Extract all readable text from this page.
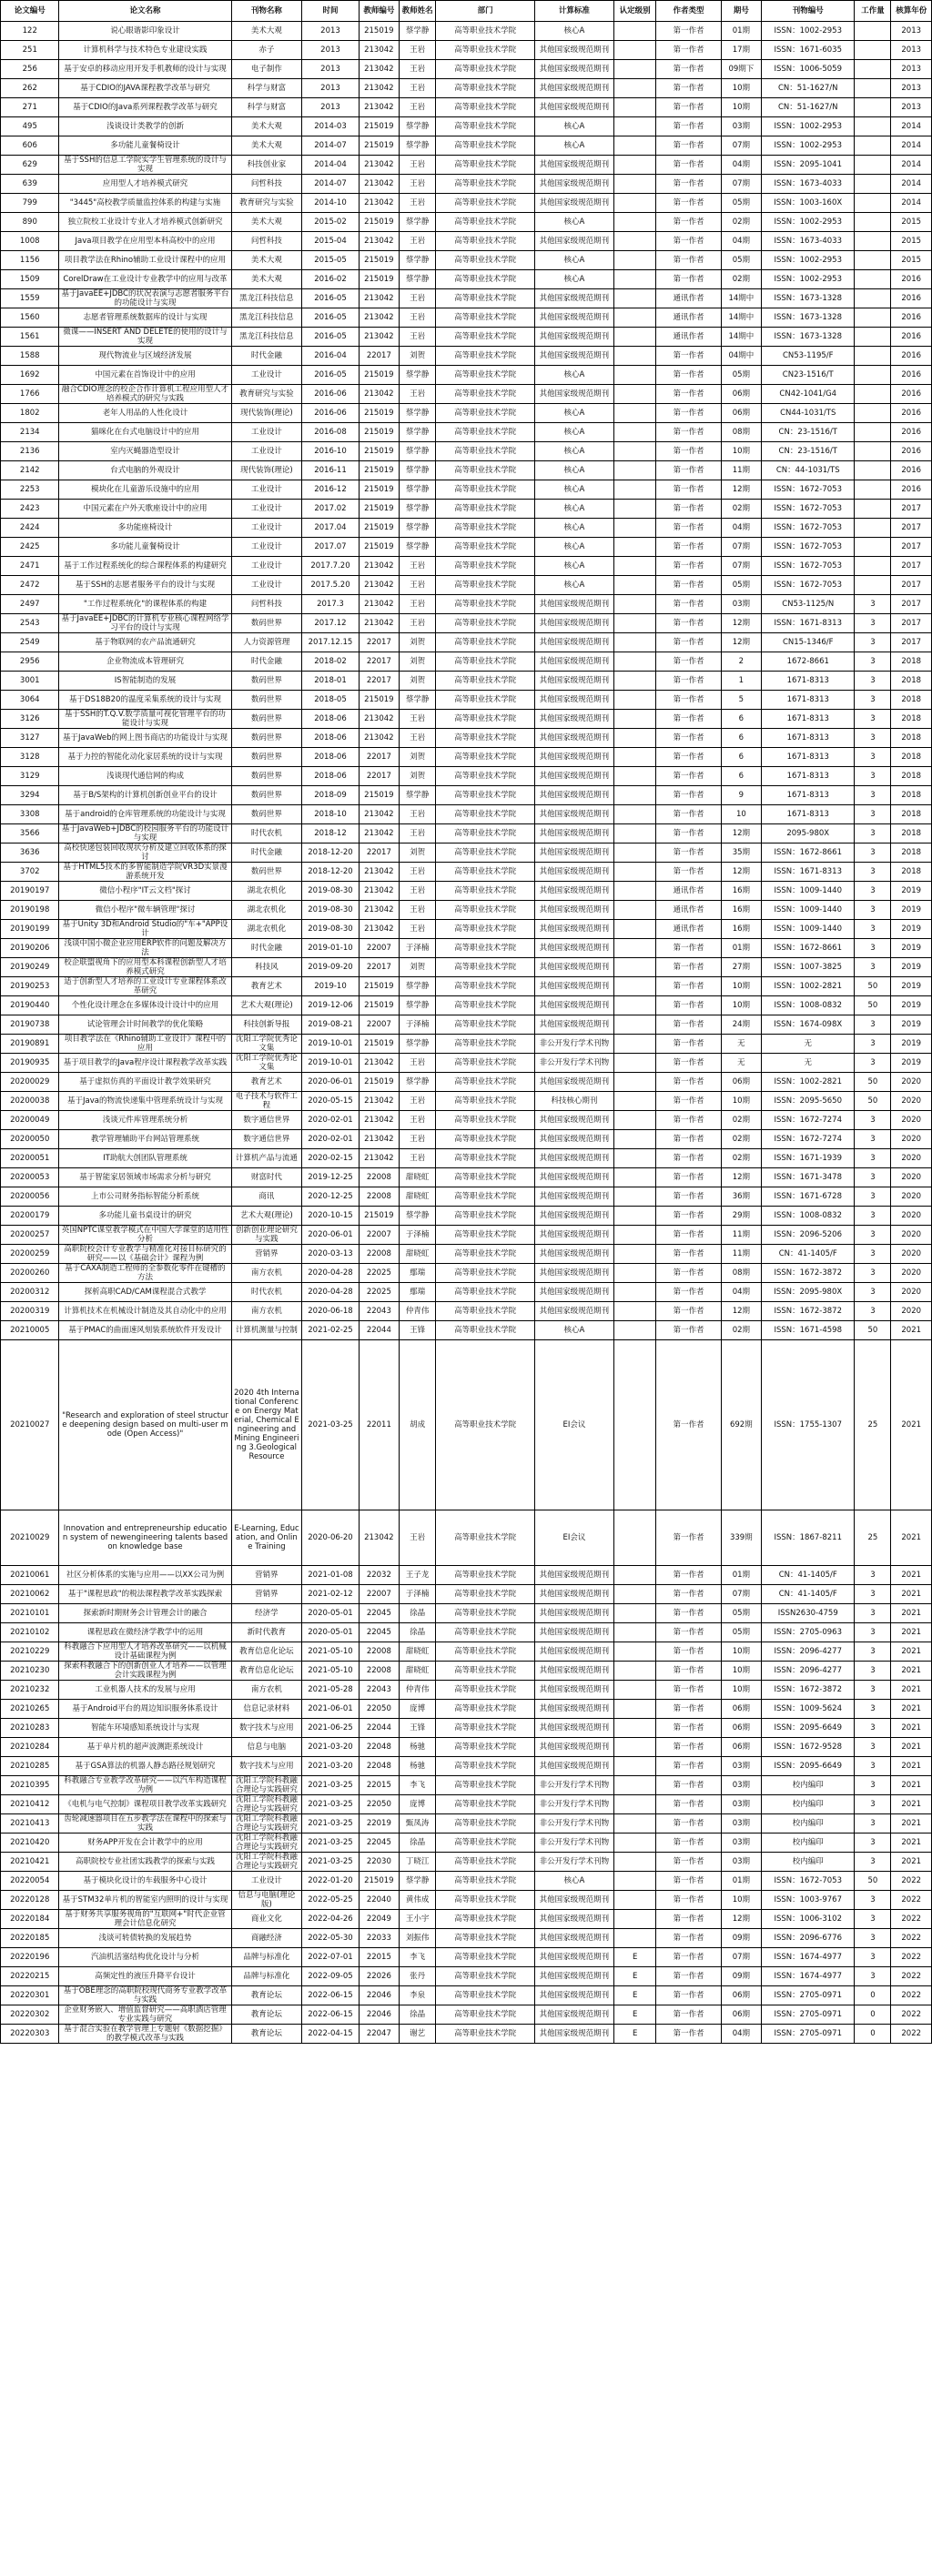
论文编号	论文名称	刊物名称	时间	教师编号	教师姓名	部门	计算标准	认定级别	作者类型	期号	刊物编号	工作量	核算年份
122	说心眼谐影印象设计	美术大观	2013	215019	蔡学静	高等职业技术学院	核心A		第一作者	01期	ISSN：1002-2953		2013
251	计算机科学与技术特色专业建设实践	赤子	2013	213042	王岩	高等职业技术学院	其他国家级规范期刊		第一作者	17期	ISSN：1671-6035		2013
256	基于安卓的移动应用开发手机教师的设计与实现	电子制作	2013	213042	王岩	高等职业技术学院	其他国家级规范期刊		第一作者	09期下	ISSN：1006-5059		2013
262	基于CDIO的JAVA课程教学改革与研究	科学与财富	2013	213042	王岩	高等职业技术学院	其他国家级规范期刊		第一作者	10期	CN：51-1627/N		2013
271	基于CDIO的Java系列课程教学改革与研究	科学与财富	2013	213042	王岩	高等职业技术学院	其他国家级规范期刊		第一作者	10期	CN：51-1627/N		2013
495	浅谈设计类教学的创新	美术大观	2014-03	215019	蔡学静	高等职业技术学院	核心A		第一作者	03期	ISSN：1002-2953		2014
606	多功能儿童餐椅设计	美术大观	2014-07	215019	蔡学静	高等职业技术学院	核心A		第一作者	07期	ISSN：1002-2953		2014
629	基于SSH的信息工学院实学生管理系统的设计与实现	科技创业家	2014-04	213042	王岩	高等职业技术学院	其他国家级规范期刊		第一作者	04期	ISSN：2095-1041		2014
639	应用型人才培养模式研究	问哲科技	2014-07	213042	王岩	高等职业技术学院	其他国家级规范期刊		第一作者	07期	ISSN：1673-4033		2014
799	"3445"高校教学质量监控体系的构建与实施	教育研究与实验	2014-10	213042	王岩	高等职业技术学院	其他国家级规范期刊		第一作者	05期	ISSN：1003-160X		2014
890	独立院校工业设计专业人才培养模式创新研究	美术大观	2015-02	215019	蔡学静	高等职业技术学院	核心A		第一作者	02期	ISSN：1002-2953		2015
1008	Java项目教学在应用型本科高校中的应用	问哲科技	2015-04	213042	王岩	高等职业技术学院	其他国家级规范期刊		第一作者	04期	ISSN：1673-4033		2015
1156	项目教学法在Rhino辅助工业设计课程中的应用	美术大观	2015-05	215019	蔡学静	高等职业技术学院	核心A		第一作者	05期	ISSN：1002-2953		2015
1509	CorelDraw在工业设计专业教学中的应用与改革	美术大观	2016-02	215019	蔡学静	高等职业技术学院	核心A		第一作者	02期	ISSN：1002-2953		2016
1559	基于JavaEE+JDBC的状况表演与志愿者服务平台的功能设计与实现	黑龙江科技信息	2016-05	213042	王岩	高等职业技术学院	其他国家级规范期刊		通讯作者	14期中	ISSN：1673-1328		2016
1560	志愿者管理系统数据库的设计与实现	黑龙江科技信息	2016-05	213042	王岩	高等职业技术学院	其他国家级规范期刊		通讯作者	14期中	ISSN：1673-1328		2016
1561	微课——INSERT AND DELETE的使用的设计与实现	黑龙江科技信息	2016-05	213042	王岩	高等职业技术学院	其他国家级规范期刊		通讯作者	14期中	ISSN：1673-1328		2016
1588	现代物流业与区域经济发展	时代金融	2016-04	22017	刘贺	高等职业技术学院	其他国家级规范期刊		第一作者	04期中	CN53-1195/F		2016
1692	中国元素在首饰设计中的应用	工业设计	2016-05	215019	蔡学静	高等职业技术学院	核心A		第一作者	05期	CN23-1516/T		2016
1766	融合CDIO理念的校企合作计算机工程应用型人才培养模式的研究与实践	教育研究与实验	2016-06	213042	王岩	高等职业技术学院	其他国家级规范期刊		第一作者	06期	CN42-1041/G4		2016
1802	老年人用品的人性化设计	现代装饰(理论)	2016-06	215019	蔡学静	高等职业技术学院	核心A		第一作者	06期	CN44-1031/TS		2016
2134	猫咪化在台式电脑设计中的应用	工业设计	2016-08	215019	蔡学静	高等职业技术学院	核心A		第一作者	08期	CN：23-1516/T		2016
2136	室内灭蝇器造型设计	工业设计	2016-10	215019	蔡学静	高等职业技术学院	核心A		第一作者	10期	CN：23-1516/T		2016
2142	台式电脑的外观设计	现代装饰(理论)	2016-11	215019	蔡学静	高等职业技术学院	核心A		第一作者	11期	CN：44-1031/TS		2016
2253	模块化在儿童游乐设施中的应用	工业设计	2016-12	215019	蔡学静	高等职业技术学院	核心A		第一作者	12期	ISSN：1672-7053		2016
2423	中国元素在户外天歌座设计中的应用	工业设计	2017.02	215019	蔡学静	高等职业技术学院	核心A		第一作者	02期	ISSN：1672-7053		2017
2424	多功能座椅设计	工业设计	2017.04	215019	蔡学静	高等职业技术学院	核心A		第一作者	04期	ISSN：1672-7053		2017
2425	多功能儿童餐椅设计	工业设计	2017.07	215019	蔡学静	高等职业技术学院	核心A		第一作者	07期	ISSN：1672-7053		2017
2471	基于工作过程系统化的综合课程体系的构建研究	工业设计	2017.7.20	213042	王岩	高等职业技术学院	核心A		第一作者	07期	ISSN：1672-7053		2017
2472	基于SSH的志愿者服务平台的设计与实现	工业设计	2017.5.20	213042	王岩	高等职业技术学院	核心A		第一作者	05期	ISSN：1672-7053		2017
2497	"工作过程系统化"的课程体系的构建	问哲科技	2017.3	213042	王岩	高等职业技术学院	其他国家级规范期刊		第一作者	03期	CN53-1125/N	3	2017
2543	基于JavaEE+JDBC的计算机专业核心课程网络学习平台的设计与实现	数码世界	2017.12	213042	王岩	高等职业技术学院	其他国家级规范期刊		第一作者	12期	ISSN：1671-8313	3	2017
2549	基于物联网的农产品流通研究	人力资源管理	2017.12.15	22017	刘贺	高等职业技术学院	其他国家级规范期刊		第一作者	12期	CN15-1346/F	3	2017
2956	企业物流成本管理研究	时代金融	2018-02	22017	刘贺	高等职业技术学院	其他国家级规范期刊		第一作者	2	1672-8661	3	2018
3001	IS智能制造的发展	数码世界	2018-01	22017	刘贺	高等职业技术学院	其他国家级规范期刊		第一作者	1	1671-8313	3	2018
3064	基于DS18B20的温度采集系统的设计与实现	数码世界	2018-05	215019	蔡学静	高等职业技术学院	其他国家级规范期刊		第一作者	5	1671-8313	3	2018
3126	基于SSH的T.Q.V.数学质量可视化管理平台的功能设计与实现	数码世界	2018-06	213042	王岩	高等职业技术学院	其他国家级规范期刊		第一作者	6	1671-8313	3	2018
3127	基于JavaWeb的网上图书商店的功能设计与实现	数码世界	2018-06	213042	王岩	高等职业技术学院	其他国家级规范期刊		第一作者	6	1671-8313	3	2018
3128	基于力控的智能化动化家居系统的设计与实现	数码世界	2018-06	22017	刘贺	高等职业技术学院	其他国家级规范期刊		第一作者	6	1671-8313	3	2018
3129	浅谈现代通信网的构成	数码世界	2018-06	22017	刘贺	高等职业技术学院	其他国家级规范期刊		第一作者	6	1671-8313	3	2018
3294	基于B/S架构的计算机创新创业平台的设计	数码世界	2018-09	215019	蔡学静	高等职业技术学院	其他国家级规范期刊		第一作者	9	1671-8313	3	2018
3308	基于android的仓库管理系统的功能设计与实现	数码世界	2018-10	213042	王岩	高等职业技术学院	其他国家级规范期刊		第一作者	10	1671-8313	3	2018
3566	基于JavaWeb+JDBC的校园服务平台的功能设计与实现	时代农机	2018-12	213042	王岩	高等职业技术学院	其他国家级规范期刊		第一作者	12期	2095-980X	3	2018
3636	高校快递包装回收现状分析及建立回收体系的探讨	时代金融	2018-12-20	22017	刘贺	高等职业技术学院	其他国家级规范期刊		第一作者	35期	ISSN：1672-8661	3	2018
3702	基于HTML5技术的多智能制造学院VR3D实景漫游系统开发	数码世界	2018-12-20	213042	王岩	高等职业技术学院	其他国家级规范期刊		第一作者	12期	ISSN：1671-8313	3	2018
20190197	微信小程序"IT云文档"探讨	湖北农机化	2019-08-30	213042	王岩	高等职业技术学院	其他国家级规范期刊		通讯作者	16期	ISSN：1009-1440	3	2019
20190198	微信小程序"微车辆管理"探讨	湖北农机化	2019-08-30	213042	王岩	高等职业技术学院	其他国家级规范期刊		通讯作者	16期	ISSN：1009-1440	3	2019
20190199	基于Unity 3D和Android Studio的"车+"APP设计	湖北农机化	2019-08-30	213042	王岩	高等职业技术学院	其他国家级规范期刊		通讯作者	16期	ISSN：1009-1440	3	2019
20190206	浅谈中国小微企业应用ERP软件的问题及解决方法	时代金融	2019-01-10	22007	于泽楠	高等职业技术学院	其他国家级规范期刊		第一作者	01期	ISSN：1672-8661	3	2019
20190249	校企联盟视角下的应用型本科课程创新型人才培养模式研究	科技风	2019-09-20	22017	刘贺	高等职业技术学院	其他国家级规范期刊		第一作者	27期	ISSN：1007-3825	3	2019
20190253	适于创新型人才培养的工业设计专业课程体系改革研究	教育艺术	2019-10	215019	蔡学静	高等职业技术学院	其他国家级规范期刊		第一作者	10期	ISSN：1002-2821	50	2019
20190440	个性化设计理念在多媒体设计设计中的应用	艺术大观(理论)	2019-12-06	215019	蔡学静	高等职业技术学院	其他国家级规范期刊		第一作者	10期	ISSN：1008-0832	50	2019
20190738	试论管理会计时间教学的优化策略	科技创新导报	2019-08-21	22007	于泽楠	高等职业技术学院	其他国家级规范期刊		第一作者	24期	ISSN：1674-098X	3	2019
20190891	项目教学法在《Rhino辅助工业设计》课程中的应用	沈阳工学院优秀论文集	2019-10-01	215019	蔡学静	高等职业技术学院	非公开发行学术刊物		第一作者	无	无	3	2019
20190935	基于项目教学的Java程序设计课程教学改革实践	沈阳工学院优秀论文集	2019-10-01	213042	王岩	高等职业技术学院	非公开发行学术刊物		第一作者	无	无	3	2019
20200029	基于虚拟仿真的平面设计教学效果研究	教育艺术	2020-06-01	215019	蔡学静	高等职业技术学院	其他国家级规范期刊		第一作者	06期	ISSN：1002-2821	50	2020
20200038	基于Java的物流快递集中管理系统设计与实现	电子技术与软件工程	2020-05-15	213042	王岩	高等职业技术学院	科技核心期刊		第一作者	10期	ISSN：2095-5650	50	2020
20200049	浅谈元件库管理系统分析	数字通信世界	2020-02-01	213042	王岩	高等职业技术学院	其他国家级规范期刊		第一作者	02期	ISSN：1672-7274	3	2020
20200050	教学管理辅助平台网站管理系统	数字通信世界	2020-02-01	213042	王岩	高等职业技术学院	其他国家级规范期刊		第一作者	02期	ISSN：1672-7274	3	2020
20200051	IT助航大创团队管理系统	计算机产品与流通	2020-02-15	213042	王岩	高等职业技术学院	其他国家级规范期刊		第一作者	02期	ISSN：1671-1939	3	2020
20200053	基于智能家居领域市场需求分析与研究	财富时代	2019-12-25	22008	甜晓虹	高等职业技术学院	其他国家级规范期刊		第一作者	12期	ISSN：1671-3478	3	2020
20200056	上市公司财务指标智能分析系统	商讯	2020-12-25	22008	甜晓虹	高等职业技术学院	其他国家级规范期刊		第一作者	36期	ISSN：1671-6728	3	2020
20200179	多功能儿童书桌设计的研究	艺术大观(理论)	2020-10-15	215019	蔡学静	高等职业技术学院	其他国家级规范期刊		第一作者	29期	ISSN：1008-0832	3	2020
20200257	英国NPTC课堂教学模式在中国大学课堂的适用性分析	创新创业理论研究与实践	2020-06-01	22007	于泽楠	高等职业技术学院	其他国家级规范期刊		第一作者	11期	ISSN：2096-5206	3	2020
20200259	高职院校会计专业教学与精准化对接目标研究的研究——以《基础会计》课程为例	营销界	2020-03-13	22008	甜晓虹	高等职业技术学院	其他国家级规范期刊		第一作者	11期	CN：41-1405/F	3	2020
20200260	基于CAXA制造工程师的全参数化零件在键槽的方法	南方农机	2020-04-28	22025	鄢瑞	高等职业技术学院	其他国家级规范期刊		第一作者	08期	ISSN：1672-3872	3	2020
20200312	探析高职CAD/CAM课程混合式教学	时代农机	2020-04-28	22025	鄢瑞	高等职业技术学院	其他国家级规范期刊		第一作者	04期	ISSN：2095-980X	3	2020
20200319	计算机技术在机械设计制造及其自动化中的应用	南方农机	2020-06-18	22043	仲青伟	高等职业技术学院	其他国家级规范期刊		第一作者	12期	ISSN：1672-3872	3	2020
20210005	基于PMAC的曲面速风刻装系统软件开发设计	计算机测量与控制	2021-02-25	22044	王锋	高等职业技术学院	核心A		第一作者	02期	ISSN：1671-4598	50	2021
20210027	"Research and exploration of steel structure deepening design based on multi-user mode (Open Access)"	2020 4th International Conference on Energy Material, Chemical Engineering and Mining Engineering 3.Geological Resource	2021-03-25	22011	胡成	高等职业技术学院	EI会议		第一作者	692期	ISSN：1755-1307	25	2021
20210029	Innovation and entrepreneurship education system of newengineering talents based on knowledge base	E-Learning, Education, and Online Training	2020-06-20	213042	王岩	高等职业技术学院	EI会议		第一作者	339期	ISSN：1867-8211	25	2021
20210061	社区分析体系的实施与应用——以XX公司为例	营销界	2021-01-08	22032	王子龙	高等职业技术学院	其他国家级规范期刊		第一作者	01期	CN：41-1405/F	3	2021
20210062	基于"课程思政"的税法课程教学改革实践探索	营销界	2021-02-12	22007	于泽楠	高等职业技术学院	其他国家级规范期刊		第一作者	07期	CN：41-1405/F	3	2021
20210101	探索新时期财务会计管理会计的融合	经济学	2020-05-01	22045	徐晶	高等职业技术学院	其他国家级规范期刊		第一作者	05期	ISSN2630-4759	3	2021
20210102	课程思政在微经济学教学中的运用	新时代教育	2020-05-01	22045	徐晶	高等职业技术学院	其他国家级规范期刊		第一作者	05期	ISSN：2705-0963	3	2021
20210229	科教融合下应用型人才培养改革研究——以机械设计基础课程为例	教育信息化论坛	2021-05-10	22008	甜晓虹	高等职业技术学院	其他国家级规范期刊		第一作者	10期	ISSN：2096-4277	3	2021
20210230	探索科教融合下的创新创业人才培养——以管理会计实践课程为例	教育信息化论坛	2021-05-10	22008	甜晓虹	高等职业技术学院	其他国家级规范期刊		第一作者	10期	ISSN：2096-4277	3	2021
20210232	工业机器人技术的发展与应用	南方农机	2021-05-28	22043	仲青伟	高等职业技术学院	其他国家级规范期刊		第一作者	10期	ISSN：1672-3872	3	2021
20210265	基于Android平台的周边知识服务体系设计	信息记录材料	2021-06-01	22050	庞博	高等职业技术学院	其他国家级规范期刊		第一作者	06期	ISSN：1009-5624	3	2021
20210283	智能车环境感知系统设计与实现	数字技术与应用	2021-06-25	22044	王锋	高等职业技术学院	其他国家级规范期刊		第一作者	06期	ISSN：2095-6649	3	2021
20210284	基于单片机的超声波测距系统设计	信息与电脑	2021-03-20	22048	杨驰	高等职业技术学院	其他国家级规范期刊		第一作者	06期	ISSN：1672-9528	3	2021
20210285	基于GSA算法的机器人静态路径规划研究	数字技术与应用	2021-03-20	22048	杨驰	高等职业技术学院	其他国家级规范期刊		第一作者	03期	ISSN：2095-6649	3	2021
20210395	科教融合专业教学改革研究——以汽车构造课程为例	沈阳工学院科教融合理论与实践研究	2021-03-25	22015	李飞	高等职业技术学院	非公开发行学术刊物		第一作者	03期	校内编印	3	2021
20210412	《电机与电气控制》课程项目教学改革实践研究	沈阳工学院科教融合理论与实践研究	2021-03-25	22050	庞博	高等职业技术学院	非公开发行学术刊物		第一作者	03期	校内编印	3	2021
20210413	齿轮减速器项目在五步教学法在课程中的探索与实践	沈阳工学院科教融合理论与实践研究	2021-03-25	22019	甄凤涛	高等职业技术学院	非公开发行学术刊物		第一作者	03期	校内编印	3	2021
20210420	财务APP开发在会计教学中的应用	沈阳工学院科教融合理论与实践研究	2021-03-25	22045	徐晶	高等职业技术学院	非公开发行学术刊物		第一作者	03期	校内编印	3	2021
20210421	高职院校专业社团实践教学的探索与实践	沈阳工学院科教融合理论与实践研究	2021-03-25	22030	丁晓江	高等职业技术学院	非公开发行学术刊物		第一作者	03期	校内编印	3	2021
20220054	基于模块化设计的车载服务中心设计	工业设计	2022-01-20	215019	蔡学静	高等职业技术学院	核心A		第一作者	01期	ISSN：1672-7053	50	2022
20220128	基于STM32单片机的智能室内照明的设计与实现	信息与电脑(理论版)	2022-05-25	22040	黄伟成	高等职业技术学院	其他国家级规范期刊		第一作者	10期	ISSN：1003-9767	3	2022
20220184	基于财务共享服务视角的"互联网+"时代企业管理会计信息化研究	商业文化	2022-04-26	22049	王小宇	高等职业技术学院	其他国家级规范期刊		第一作者	12期	ISSN：1006-3102	3	2022
20220185	浅谈可转债转换的发展趋势	商融经济	2022-05-30	22033	刘振伟	高等职业技术学院	其他国家级规范期刊		第一作者	09期	ISSN：2096-6776	3	2022
20220196	汽油机活塞结构优化设计与分析	品牌与标准化	2022-07-01	22015	李飞	高等职业技术学院	其他国家级规范期刊	E	第一作者	07期	ISSN：1674-4977	3	2022
20220215	高频定性的液压升降平台设计	品牌与标准化	2022-09-05	22026	张丹	高等职业技术学院	其他国家级规范期刊	E	第一作者	09期	ISSN：1674-4977	3	2022
20220301	基于OBE理念的高职院校现代商务专业教学改革与实践	教育论坛	2022-06-15	22046	李泉	高等职业技术学院	其他国家级规范期刊	E	第一作者	06期	ISSN：2705-0971	0	2022
20220302	企业财务嵌入、增值监督研究——高职酒店管理专业实践与研究	教育论坛	2022-06-15	22046	徐晶	高等职业技术学院	其他国家级规范期刊	E	第一作者	06期	ISSN：2705-0971	0	2022
20220303	基于混合实验在教学管理上专题射《数据挖掘》的教学模式改革与实践	教育论坛	2022-04-15	22047	谢艺	高等职业技术学院	其他国家级规范期刊	E	第一作者	04期	ISSN：2705-0971	0	2022
